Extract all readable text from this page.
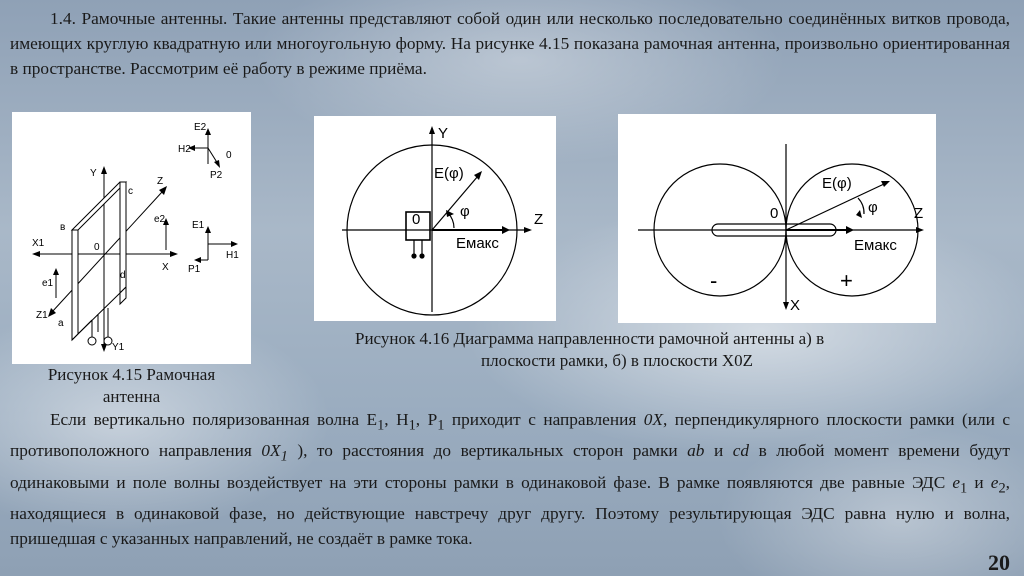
1.4. Рамочные антенны. Такие антенны представляют собой один или несколько последовательно соединённых витков провода, имеющих круглую квадратную или многоугольную форму. На рисунке 4.15 показана рамочная антенна, произвольно ориентированная в пространстве. Рассмотрим её работу в режиме приёма.

E2
H2
P2
0
Y
Z
в
c
e2
X1	0
E1
H1
P1
X
e1
d
Z1
a
Y1

Рисунок 4.15 Рамочная
антенна

Y
E(φ)
φ
0	Z
Eмакс
E(φ)
φ
0	Z
Eмакс
-	+
X

Рисунок 4.16 Диаграмма направленности рамочной антенны а) в
плоскости рамки, б) в плоскости X0Z

Если вертикально поляризованная волна $E_1$, $H_1$, $P_1$ приходит с направления 0X, перпендикулярного плоскости рамки (или с противоположного направления $0X_1$ ), то расстояния до вертикальных сторон рамки ab и cd в любой момент времени будут одинаковыми и поле волны воздействует на эти стороны рамки в одинаковой фазе. В рамке появляются две равные ЭДС $e_1$ и $e_2$, находящиеся в одинаковой фазе, но действующие навстречу друг другу. Поэтому результирующая ЭДС равна нулю и волна, пришедшая с указанных направлений, не создаёт в рамке тока.

20
